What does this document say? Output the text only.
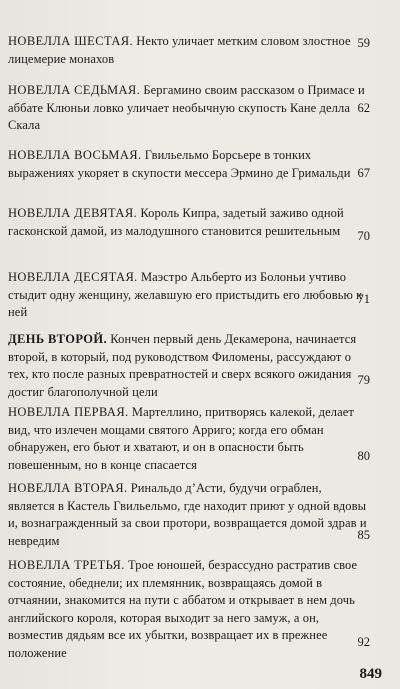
НОВЕЛЛА ШЕСТАЯ. Некто уличает метким словом злостное лицемерие монахов
59
НОВЕЛЛА СЕДЬМАЯ. Бергамино своим рассказом о Примасе и аббате Клюньи ловко уличает необычную скупость Кане делла Скала
62
НОВЕЛЛА ВОСЬМАЯ. Гвильельмо Борсьере в тонких выражениях укоряет в скупости мессера Эрмино де Гримальди 67
НОВЕЛЛА ДЕВЯТАЯ. Король Кипра, задетый заживо одной гасконской дамой, из малодушного становится решительным	70
НОВЕЛЛА ДЕСЯТАЯ. Маэстро Альберто из Болоньи учтиво стыдит одну женщину, желавшую его пристыдить его любовью к ней
71
ДЕНЬ ВТОРОЙ. Кончен первый день Декамерона, начинается второй, в который, под руководством Филомены, рассуждают о тех, кто после разных превратностей и сверх всякого ожидания достиг благополучной цели
79
НОВЕЛЛА ПЕРВАЯ. Мартеллино, притворясь калекой, делает вид, что излечен мощами святого Арриго; когда его обман обнаружен, его бьют и хватают, и он в опасности быть повешенным, но в конце спасается
80
НОВЕЛЛА ВТОРАЯ. Ринальдо д’Асти, будучи ограблен, является в Кастель Гвильельмо, где находит приют у одной вдовы и, вознагражденный за свои протори, возвращается домой здрав и невредим	85
НОВЕЛЛА ТРЕТЬЯ. Трое юношей, безрассудно растратив свое состояние, обеднели; их племянник, возвращаясь домой в отчаянии, знакомится на пути с аббатом и открывает в нем дочь английского короля, которая выходит за него замуж, а он, возместив дядьям все их убытки, возвращает их в прежнее положение
92
849
